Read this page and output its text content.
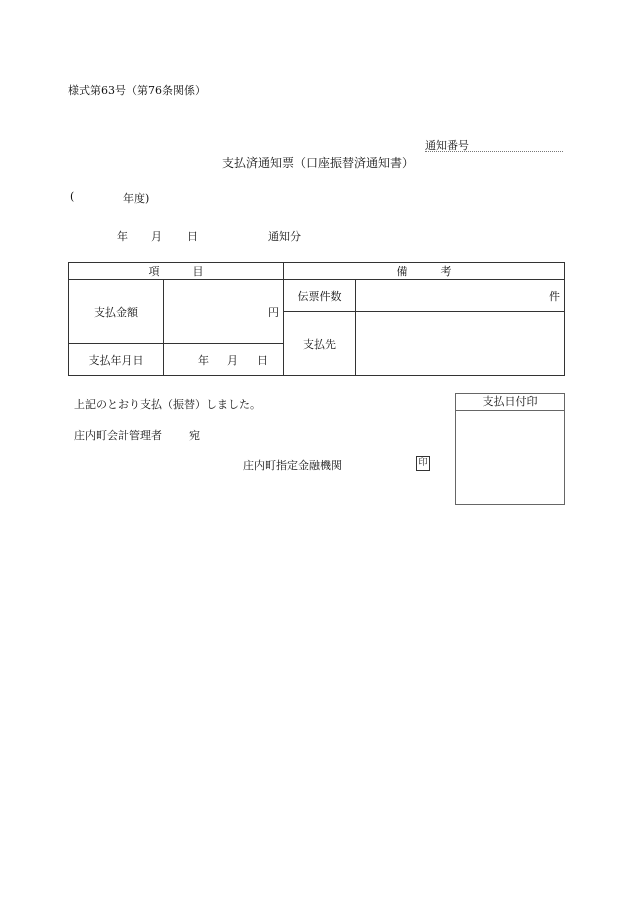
様式第63号（第76条関係）
通知番号
支払済通知票（口座振替済通知書）
(	年度)
年 月 日	通知分
項　　　目		備　　　考	
支払金額	円	伝票件数	件
		支払先	
支払年月日	年 月 日		
上記のとおり支払（振替）しました。
庄内町会計管理者 宛
庄内町指定金融機関	印
支払日付印
